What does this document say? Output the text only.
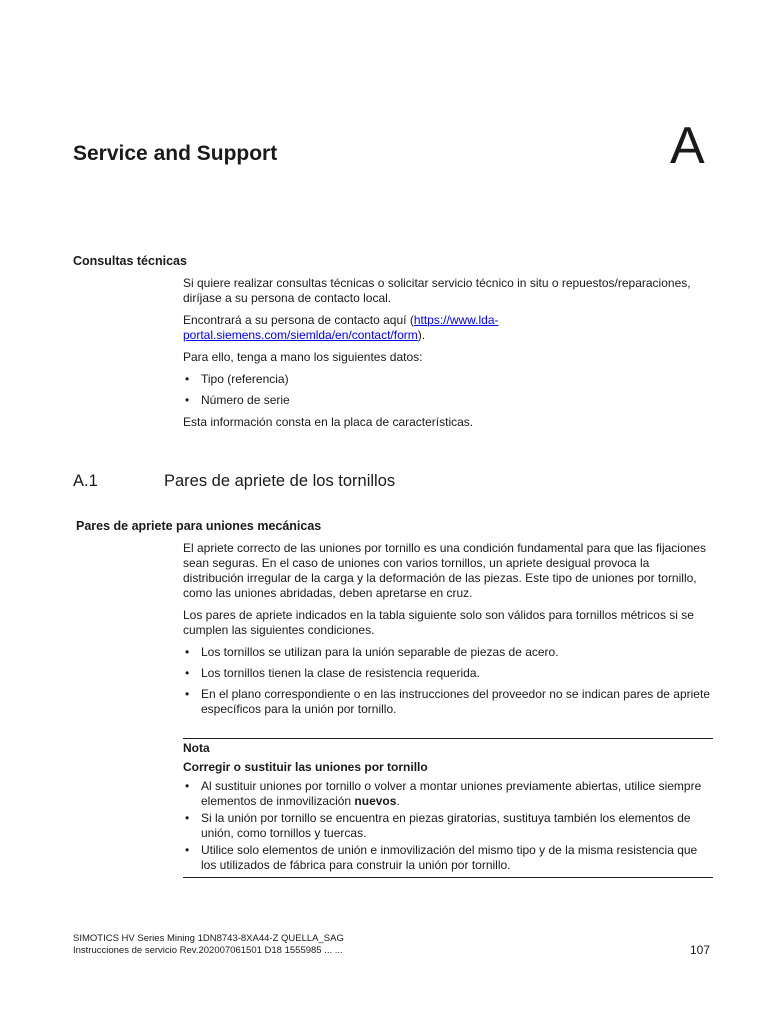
Service and Support	A
Consultas técnicas

Si quiere realizar consultas técnicas o solicitar servicio técnico in situ o repuestos/reparaciones, diríjase a su persona de contacto local.

Encontrará a su persona de contacto aquí (https://www.lda-portal.siemens.com/siemlda/en/contact/form).

Para ello, tenga a mano los siguientes datos:

• Tipo (referencia)
• Número de serie

Esta información consta en la placa de características.

A.1	Pares de apriete de los tornillos
Pares de apriete para uniones mecánicas

El apriete correcto de las uniones por tornillo es una condición fundamental para que las fijaciones sean seguras. En el caso de uniones con varios tornillos, un apriete desigual provoca la distribución irregular de la carga y la deformación de las piezas. Este tipo de uniones por tornillo, como las uniones abridadas, deben apretarse en cruz.

Los pares de apriete indicados en la tabla siguiente solo son válidos para tornillos métricos si se cumplen las siguientes condiciones.

• Los tornillos se utilizan para la unión separable de piezas de acero.
• Los tornillos tienen la clase de resistencia requerida.
• En el plano correspondiente o en las instrucciones del proveedor no se indican pares de apriete específicos para la unión por tornillo.
Nota
Corregir o sustituir las uniones por tornillo
• Al sustituir uniones por tornillo o volver a montar uniones previamente abiertas, utilice siempre elementos de inmovilización nuevos.
• Si la unión por tornillo se encuentra en piezas giratorias, sustituya también los elementos de unión, como tornillos y tuercas.
• Utilice solo elementos de unión e inmovilización del mismo tipo y de la misma resistencia que los utilizados de fábrica para construir la unión por tornillo.
SIMOTICS HV Series Mining 1DN8743-8XA44-Z QUELLA_SAG
Instrucciones de servicio Rev.202007061501 D18 1555985 ... ...	107
